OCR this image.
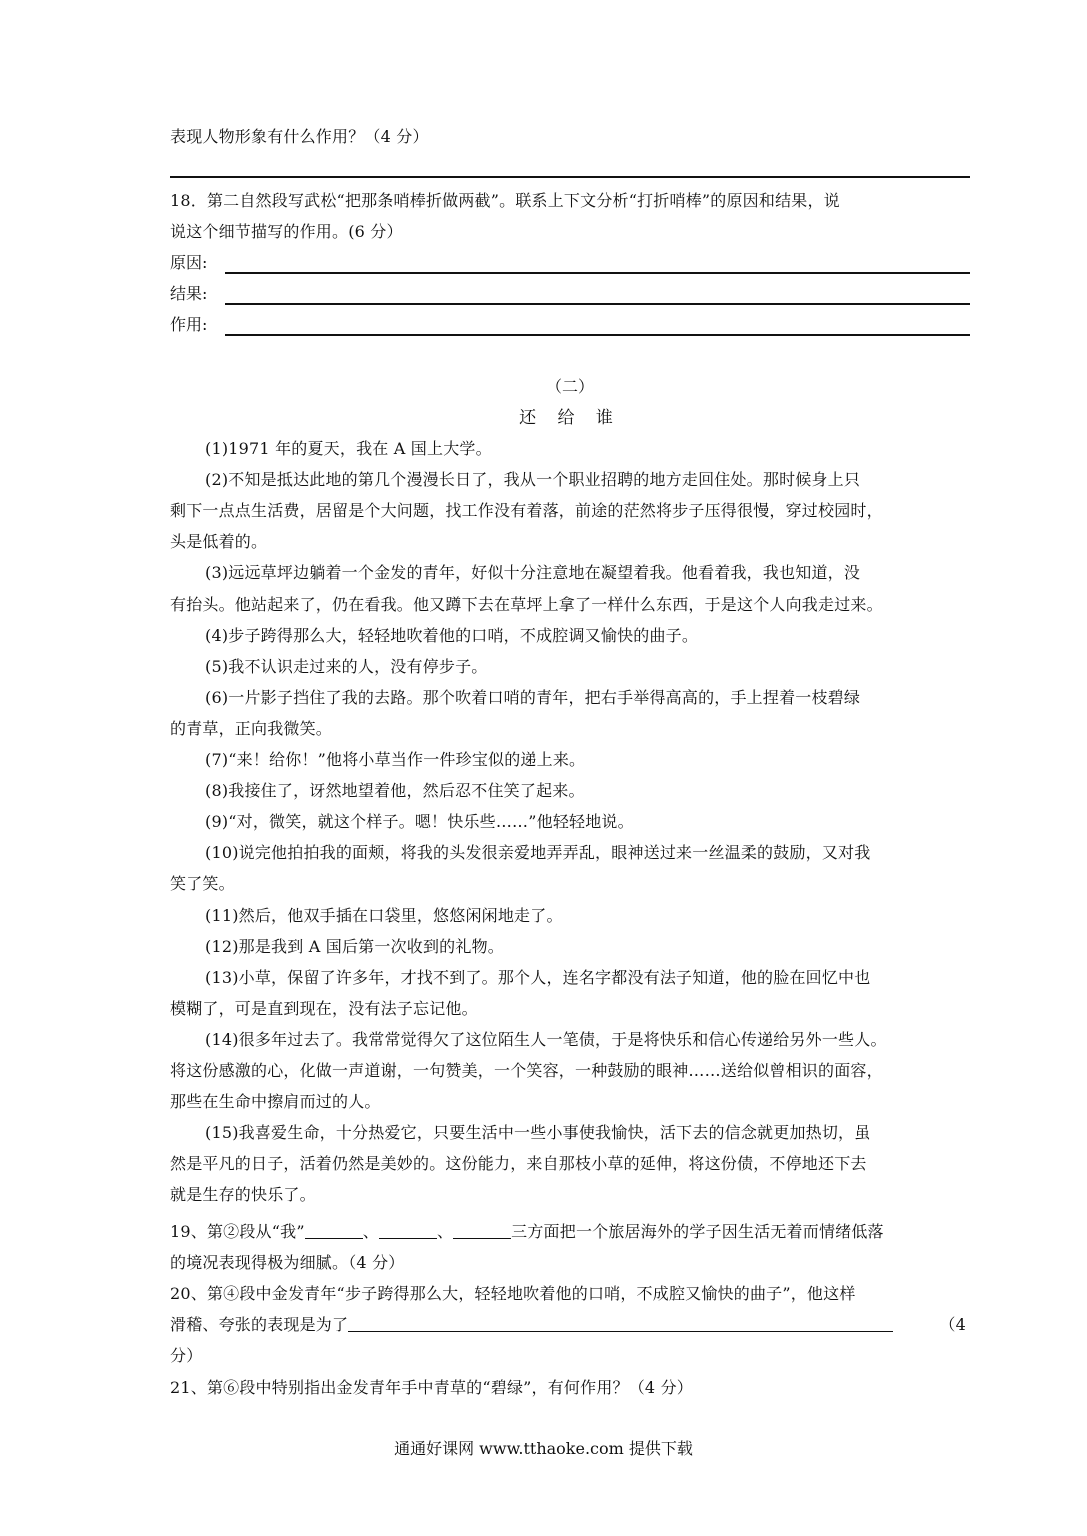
表现人物形象有什么作用？（4 分）
18．第二自然段写武松“把那条哨棒折做两截”。联系上下文分析“打折哨棒”的原因和结果，说
说这个细节描写的作用。(6 分）
原因:
结果:
作用:
（二）
还 给 谁
(1)1971 年的夏天，我在 A 国上大学。
(2)不知是抵达此地的第几个漫漫长日了，我从一个职业招聘的地方走回住处。那时候身上只
剩下一点点生活费，居留是个大问题，找工作没有着落，前途的茫然将步子压得很慢，穿过校园时，
头是低着的。
(3)远远草坪边躺着一个金发的青年，好似十分注意地在凝望着我。他看着我，我也知道，没
有抬头。他站起来了，仍在看我。他又蹲下去在草坪上拿了一样什么东西，于是这个人向我走过来。
(4)步子跨得那么大，轻轻地吹着他的口哨，不成腔调又愉快的曲子。
(5)我不认识走过来的人，没有停步子。
(6)一片影子挡住了我的去路。那个吹着口哨的青年，把右手举得高高的，手上捏着一枝碧绿
的青草，正向我微笑。
(7)“来！给你！”他将小草当作一件珍宝似的递上来。
(8)我接住了，讶然地望着他，然后忍不住笑了起来。
(9)“对，微笑，就这个样子。嗯！快乐些……”他轻轻地说。
(10)说完他拍拍我的面颊，将我的头发很亲爱地弄弄乱，眼神送过来一丝温柔的鼓励，又对我
笑了笑。
(11)然后，他双手插在口袋里，悠悠闲闲地走了。
(12)那是我到 A 国后第一次收到的礼物。
(13)小草，保留了许多年，才找不到了。那个人，连名字都没有法子知道，他的脸在回忆中也
模糊了，可是直到现在，没有法子忘记他。
(14)很多年过去了。我常常觉得欠了这位陌生人一笔债，于是将快乐和信心传递给另外一些人。
将这份感激的心，化做一声道谢，一句赞美，一个笑容，一种鼓励的眼神……送给似曾相识的面容，
那些在生命中擦肩而过的人。
(15)我喜爱生命，十分热爱它，只要生活中一些小事使我愉快，活下去的信念就更加热切，虽
然是平凡的日子，活着仍然是美妙的。这份能力，来自那枝小草的延伸，将这份债，不停地还下去
就是生存的快乐了。
19、第②段从“我”	、	、	三方面把一个旅居海外的学子因生活无着而情绪低落
的境况表现得极为细腻。（4 分）
20、第④段中金发青年“步子跨得那么大，轻轻地吹着他的口哨，不成腔又愉快的曲子”，他这样
滑稽、夸张的表现是为了	（4
分）
21、第⑥段中特别指出金发青年手中青草的“碧绿”，有何作用？（4 分）
通通好课网 www.tthaoke.com 提供下载
